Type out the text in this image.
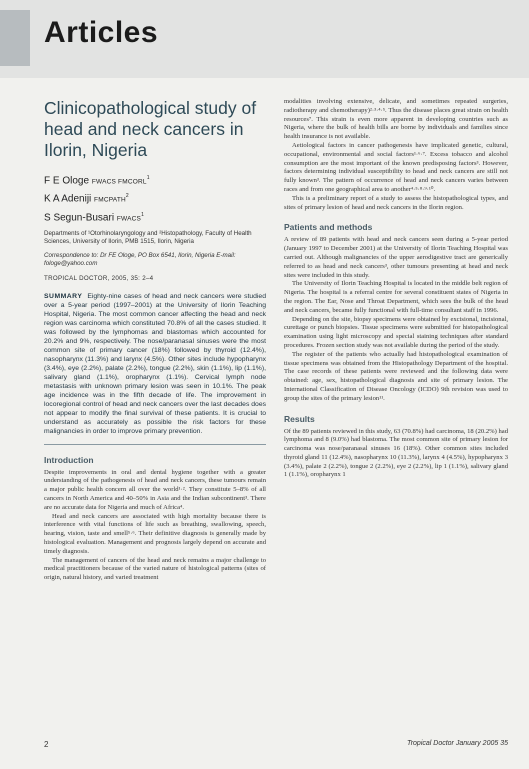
Articles
Clinicopathological study of head and neck cancers in Ilorin, Nigeria
F E Ologe FWACS FMCORL$^1$
K A Adeniji FMCPATH$^2$
S Segun-Busari FWACS$^1$
Departments of ¹Otorhinolaryngology and ²Histopathology, Faculty of Health Sciences, University of Ilorin, PMB 1515, Ilorin, Nigeria
Correspondence to: Dr FE Ologe, PO Box 6541, Ilorin, Nigeria E-mail: fologe@yahoo.com
TROPICAL DOCTOR, 2005, 35: 2–4
SUMMARY Eighty-nine cases of head and neck cancers were studied over a 5-year period (1997–2001) at the University of Ilorin Teaching Hospital, Nigeria. The most common cancer affecting the head and neck region was carcinoma which constituted 70.8% of all the cases studied. It was followed by the lymphomas and blastomas which accounted for 20.2% and 9%, respectively. The nose/paranasal sinuses were the most common site of primary cancer (18%) followed by thyroid (12.4%), nasopharynx (11.3%) and larynx (4.5%). Other sites include hypopharynx (3.4%), eye (2.2%), palate (2.2%), tongue (2.2%), skin (1.1%), lip (1.1%), salivary gland (1.1%), oropharynx (1.1%). Cervical lymph node metastasis with unknown primary lesion was seen in 10.1%. The peak age incidence was in the fifth decade of life. The improvement in locoregional control of head and neck cancers over the last decades does not appear to modify the final survival of these patients. It is crucial to understand as accurately as possible the risk factors for these malignancies in order to improve primary prevention.
Introduction

Despite improvements in oral and dental hygiene together with a greater understanding of the pathogenesis of head and neck cancers, these tumours remain a major public health concern all over the world¹·². They constitute 5–8% of all cancers in North America and 40–50% in Asia and the Indian subcontinent³. There are no accurate data for Nigeria and much of Africa⁴.

Head and neck cancers are associated with high mortality because there is interference with vital functions of life such as breathing, swallowing, speech, hearing, vision, taste and smell⁵·⁶. Their definitive diagnosis is generally made by histological evaluation. Management and prognosis largely depend on accurate and timely diagnosis.

The management of cancers of the head and neck remains a major challenge to medical practitioners because of the varied nature of histological patterns (sites of origin, natural history, and varied treatment

modalities involving extensive, delicate, and sometimes repeated surgeries, radiotherapy and chemotherapy)²·³·⁴·⁵. Thus the disease places great strain on health resources⁷. This strain is even more apparent in developing countries such as Nigeria, where the bulk of health bills are borne by individuals and families since health insurance is not available.

Aetiological factors in cancer pathogenesis have implicated genetic, cultural, occupational, environmental and social factors¹·⁶·⁷. Excess tobacco and alcohol consumption are the most important of the known predisposing factors³. However, factors determining individual susceptibility to head and neck cancers are still not fully known³. The pattern of occurrence of head and neck cancers varies between races and from one geographical area to another⁴·⁵·⁸·⁹·¹⁰.

This is a preliminary report of a study to assess the histopathological types, and sites of primary lesion of head and neck cancers in the Ilorin region.

Patients and methods

A review of 89 patients with head and neck cancers seen during a 5-year period (January 1997 to December 2001) at the University of Ilorin Teaching Hospital was carried out. Although malignancies of the upper aerodigestive tract are generically referred to as head and neck cancers³, other tumours presenting at head and neck sites were included in this study.

The University of Ilorin Teaching Hospital is located in the middle belt region of Nigeria. The hospital is a referral centre for several constituent states of Nigeria in the region. The Ear, Nose and Throat Department, which sees the bulk of the head and neck cancers, became fully functional with full-time consultant staff in 1996.

Depending on the site, biopsy specimens were obtained by excisional, incisional, curettage or punch biopsies. Tissue specimens were submitted for histopathological examination using light microscopy and special staining techniques after standard procedures. Frozen section study was not available during the period of the study.

The register of the patients who actually had histopathological examination of tissue specimens was obtained from the Histopathology Department of the hospital. The case records of these patients were reviewed and the following data were obtained: age, sex, histopathological diagnosis and site of primary lesion. The International Classification of Disease Oncology (ICDO) 9th revision was used to group the sites of the primary lesion¹¹.

Results

Of the 89 patients reviewed in this study, 63 (70.8%) had carcinoma, 18 (20.2%) had lymphoma and 8 (9.0%) had blastoma. The most common site of primary lesion for carcinoma was nose/paranasal sinuses 16 (18%). Other common sites included thyroid gland 11 (12.4%), nasopharynx 10 (11.3%), larynx 4 (4.5%), hypopharynx 3 (3.4%), palate 2 (2.2%), tongue 2 (2.2%), eye 2 (2.2%), lip 1 (1.1%), salivary gland 1 (1.1%), oropharynx 1

2	Tropical Doctor January 2005 35
